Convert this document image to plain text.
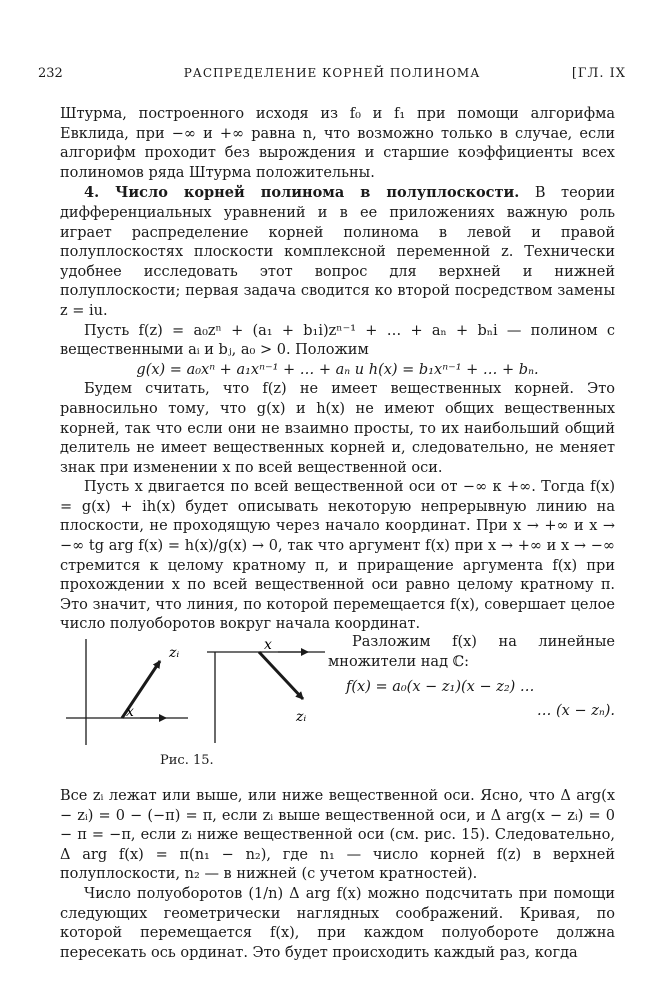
232	РАСПРЕДЕЛЕНИЕ КОРНЕЙ ПОЛИНОМА	[ГЛ. IX

Штурма, построенного исходя из f₀ и f₁ при помощи алгорифма Евклида, при −∞ и +∞ равна n, что возможно только в случае, если алгорифм проходит без вырождения и старшие коэффициенты всех полиномов ряда Штурма положительны.

4. Число корней полинома в полуплоскости. В теории дифференциальных уравнений и в ее приложениях важную роль играет распределение корней полинома в левой и правой полуплоскостях плоскости комплексной переменной z. Технически удобнее исследовать этот вопрос для верхней и нижней полуплоскости; первая задача сводится ко второй посредством замены z = iu.

Пусть f(z) = a₀zⁿ + (a₁ + b₁i)zⁿ⁻¹ + … + aₙ + bₙi — полином с вещественными aᵢ и bⱼ, a₀ > 0. Положим

g(x) = a₀xⁿ + a₁xⁿ⁻¹ + … + aₙ и h(x) = b₁xⁿ⁻¹ + … + bₙ.

Будем считать, что f(z) не имеет вещественных корней. Это равносильно тому, что g(x) и h(x) не имеют общих вещественных корней, так что если они не взаимно просты, то их наибольший общий делитель не имеет вещественных корней и, следовательно, не меняет знак при изменении x по всей вещественной оси.

Пусть x двигается по всей вещественной оси от −∞ к +∞. Тогда f(x) = g(x) + ih(x) будет описывать некоторую непрерывную линию на плоскости, не проходящую через начало координат. При x → +∞ и x → −∞ tg arg f(x) = h(x)/g(x) → 0, так что аргумент f(x) при x → +∞ и x → −∞ стремится к целому кратному π, и приращение аргумента f(x) при прохождении x по всей вещественной оси равно целому кратному π. Это значит, что линия, по которой перемещается f(x), совершает целое число полуоборотов вокруг начала координат.

zᵢ
x
x
zᵢ
Рис. 15.

Разложим f(x) на линейные множители над ℂ:

f(x) = a₀(x − z₁)(x − z₂) …

… (x − zₙ).

Все zᵢ лежат или выше, или ниже вещественной оси. Ясно, что Δ arg(x − zᵢ) = 0 − (−π) = π, если zᵢ выше вещественной оси, и Δ arg(x − zᵢ) = 0 − π = −π, если zᵢ ниже вещественной оси (см. рис. 15). Следовательно, Δ arg f(x) = π(n₁ − n₂), где n₁ — число корней f(z) в верхней полуплоскости, n₂ — в нижней (с учетом кратностей).

Число полуоборотов (1/n) Δ arg f(x) можно подсчитать при помощи следующих геометрически наглядных соображений. Кривая, по которой перемещается f(x), при каждом полуобороте должна пересекать ось ординат. Это будет происходить каждый раз, когда
